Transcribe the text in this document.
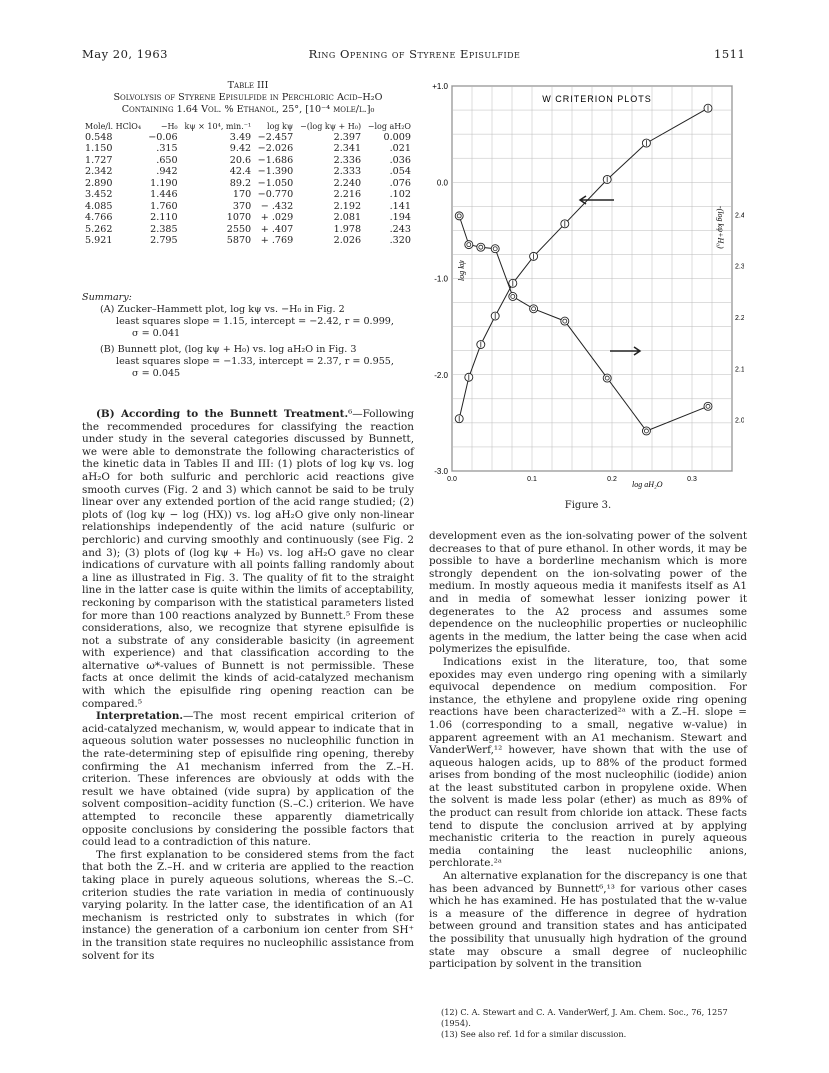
May 20, 1963	Ring Opening of Styrene Episulfide	1511
Table III
Solvolysis of Styrene Episulfide in Perchloric Acid–H₂O
Containing 1.64 Vol. % Ethanol, 25°, [10⁻⁴ mole/l.]₀
Mole/l. HClO₄	−H₀	kψ × 10⁴, min.⁻¹	log kψ	−(log kψ + H₀)	−log aH₂O
0.548	−0.06	3.49	−2.457	2.397	0.009
1.150	.315	9.42	−2.026	2.341	.021
1.727	.650	20.6	−1.686	2.336	.036
2.342	.942	42.4	−1.390	2.333	.054
2.890	1.190	89.2	−1.050	2.240	.076
3.452	1.446	170	−0.770	2.216	.102
4.085	1.760	370	− .432	2.192	.141
4.766	2.110	1070	+ .029	2.081	.194
5.262	2.385	2550	+ .407	1.978	.243
5.921	2.795	5870	+ .769	2.026	.320
Summary:
(A) Zucker–Hammett plot, log kψ vs. −H₀ in Fig. 2
least squares slope = 1.15, intercept = −2.42, r = 0.999,
σ = 0.041
(B) Bunnett plot, (log kψ + H₀) vs. log aH₂O in Fig. 3
least squares slope = −1.33, intercept = 2.37, r = 0.955,
σ = 0.045

(B) According to the Bunnett Treatment.⁶—Following the recommended procedures for classifying the reaction under study in the several categories discussed by Bunnett, we were able to demonstrate the following characteristics of the kinetic data in Tables II and III: (1) plots of log kψ vs. log aH₂O for both sulfuric and perchloric acid reactions give smooth curves (Fig. 2 and 3) which cannot be said to be truly linear over any extended portion of the acid range studied; (2) plots of (log kψ − log (HX)) vs. log aH₂O give only non-linear relationships independently of the acid nature (sulfuric or perchloric) and curving smoothly and continuously (see Fig. 2 and 3); (3) plots of (log kψ + H₀) vs. log aH₂O gave no clear indications of curvature with all points falling randomly about a line as illustrated in Fig. 3. The quality of fit to the straight line in the latter case is quite within the limits of acceptability, reckoning by comparison with the statistical parameters listed for more than 100 reactions analyzed by Bunnett.⁵ From these considerations, also, we recognize that styrene episulfide is not a substrate of any considerable basicity (in agreement with experience) and that classification according to the alternative ω*-values of Bunnett is not permissible. These facts at once delimit the kinds of acid-catalyzed mechanism with which the episulfide ring opening reaction can be compared.⁵

Interpretation.—The most recent empirical criterion of acid-catalyzed mechanism, w, would appear to indicate that in aqueous solution water possesses no nucleophilic function in the rate-determining step of episulfide ring opening, thereby confirming the A1 mechanism inferred from the Z.–H. criterion. These inferences are obviously at odds with the result we have obtained (vide supra) by application of the solvent composition–acidity function (S.–C.) criterion. We have attempted to reconcile these apparently diametrically opposite conclusions by considering the possible factors that could lead to a contradiction of this nature.

The first explanation to be considered stems from the fact that both the Z.–H. and w criteria are applied to the reaction taking place in purely aqueous solutions, whereas the S.–C. criterion studies the rate variation in media of continuously varying polarity. In the latter case, the identification of an A1 mechanism is restricted only to substrates in which (for instance) the generation of a carbonium ion center from SH⁺ in the transition state requires no nucleophilic assistance from solvent for its

+1.0
0.0
-1.0
-2.0
-3.0
2.4
2.3
2.2
2.1
2.0
0.0	0.1	0.2	0.3
W CRITERION PLOTS
log aH₂O
log kψ
-(log kψ+H₀)
Figure 3.

development even as the ion-solvating power of the solvent decreases to that of pure ethanol. In other words, it may be possible to have a borderline mechanism which is more strongly dependent on the ion-solvating power of the medium. In mostly aqueous media it manifests itself as A1 and in media of somewhat lesser ionizing power it degenerates to the A2 process and assumes some dependence on the nucleophilic properties or nucleophilic agents in the medium, the latter being the case when acid polymerizes the episulfide.

Indications exist in the literature, too, that some epoxides may even undergo ring opening with a similarly equivocal dependence on medium composition. For instance, the ethylene and propylene oxide ring opening reactions have been characterized²ᵃ with a Z.–H. slope = 1.06 (corresponding to a small, negative w-value) in apparent agreement with an A1 mechanism. Stewart and VanderWerf,¹² however, have shown that with the use of aqueous halogen acids, up to 88% of the product formed arises from bonding of the most nucleophilic (iodide) anion at the least substituted carbon in propylene oxide. When the solvent is made less polar (ether) as much as 89% of the product can result from chloride ion attack. These facts tend to dispute the conclusion arrived at by applying mechanistic criteria to the reaction in purely aqueous media containing the least nucleophilic anions, perchlorate.²ᵃ

An alternative explanation for the discrepancy is one that has been advanced by Bunnett⁶,¹³ for various other cases which he has examined. He has postulated that the w-value is a measure of the difference in degree of hydration between ground and transition states and has anticipated the possibility that unusually high hydration of the ground state may obscure a small degree of nucleophilic participation by solvent in the transition

(12) C. A. Stewart and C. A. VanderWerf, J. Am. Chem. Soc., 76, 1257 (1954).
(13) See also ref. 1d for a similar discussion.
